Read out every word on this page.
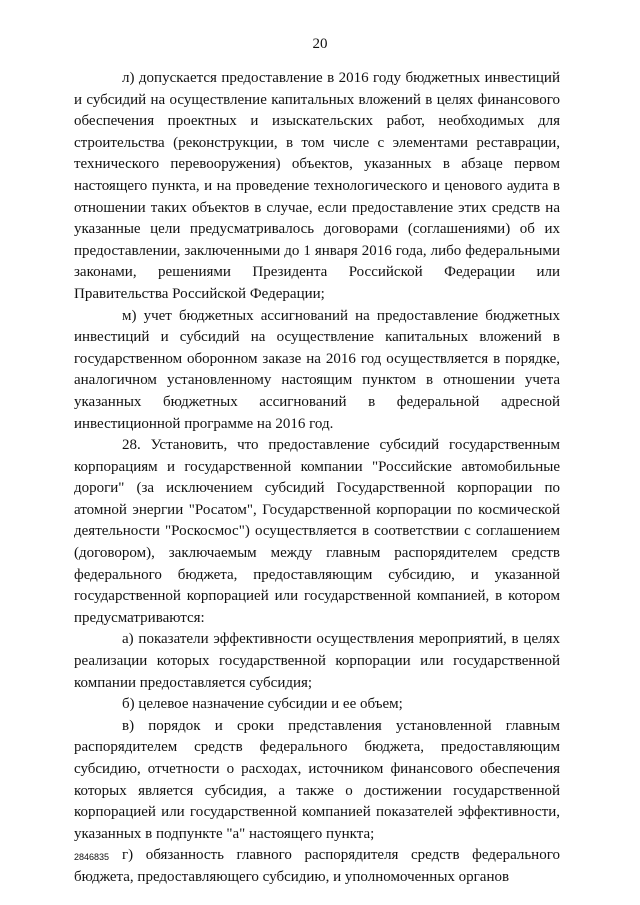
20

л) допускается предоставление в 2016 году бюджетных инвестиций и субсидий на осуществление капитальных вложений в целях финансового обеспечения проектных и изыскательских работ, необходимых для строительства (реконструкции, в том числе с элементами реставрации, технического перевооружения) объектов, указанных в абзаце первом настоящего пункта, и на проведение технологического и ценового аудита в отношении таких объектов в случае, если предоставление этих средств на указанные цели предусматривалось договорами (соглашениями) об их предоставлении, заключенными до 1 января 2016 года, либо федеральными законами, решениями Президента Российской Федерации или Правительства Российской Федерации;

м) учет бюджетных ассигнований на предоставление бюджетных инвестиций и субсидий на осуществление капитальных вложений в государственном оборонном заказе на 2016 год осуществляется в порядке, аналогичном установленному настоящим пунктом в отношении учета указанных бюджетных ассигнований в федеральной адресной инвестиционной программе на 2016 год.

28. Установить, что предоставление субсидий государственным корпорациям и государственной компании "Российские автомобильные дороги" (за исключением субсидий Государственной корпорации по атомной энергии "Росатом", Государственной корпорации по космической деятельности "Роскосмос") осуществляется в соответствии с соглашением (договором), заключаемым между главным распорядителем средств федерального бюджета, предоставляющим субсидию, и указанной государственной корпорацией или государственной компанией, в котором предусматриваются:

а) показатели эффективности осуществления мероприятий, в целях реализации которых государственной корпорации или государственной компании предоставляется субсидия;

б) целевое назначение субсидии и ее объем;

в) порядок и сроки представления установленной главным распорядителем средств федерального бюджета, предоставляющим субсидию, отчетности о расходах, источником финансового обеспечения которых является субсидия, а также о достижении государственной корпорацией или государственной компанией показателей эффективности, указанных в подпункте "а" настоящего пункта;

г) обязанность главного распорядителя средств федерального бюджета, предоставляющего субсидию, и уполномоченных органов

2846835
